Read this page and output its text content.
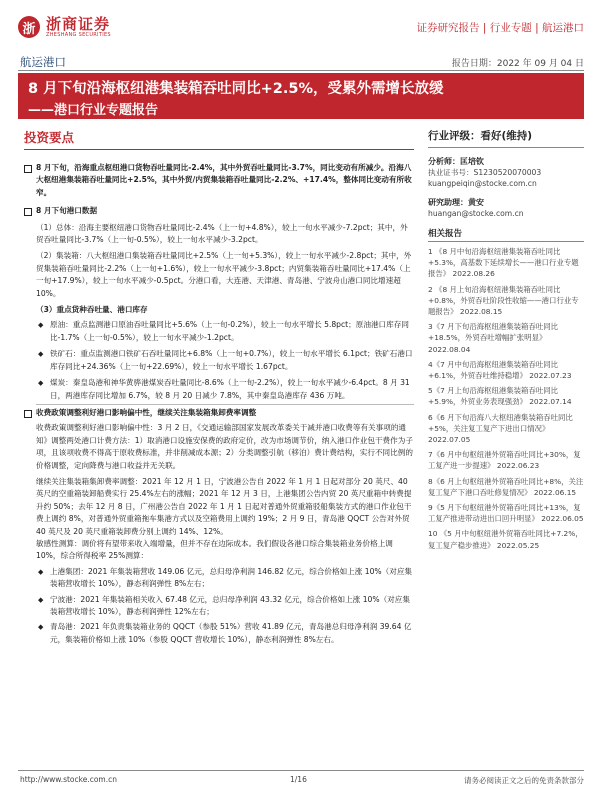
浙 浙商证券
ZHESHANG SECURITIES
证券研究报告 | 行业专题 | 航运港口
航运港口	报告日期：2022 年 09 月 04 日
8 月下旬沿海枢纽港集装箱吞吐同比+2.5%，受累外需增长放缓
——港口行业专题报告
投资要点
8 月下旬，沿海重点枢纽港口货物吞吐量同比-2.4%，其中外贸吞吐量同比-3.7%，同比变动有所减少。沿海八大枢纽港集装箱吞吐量同比+2.5%，其中外贸/内贸集装箱吞吐量同比-2.2%、+17.4%，整体同比变动有所收窄。
8 月下旬港口数据
（1）总体：沿海主要枢纽港口货物吞吐量同比-2.4%（上一旬+4.8%），较上一旬水平减少-7.2pct；其中，外贸吞吐量同比-3.7%（上一旬-0.5%），较上一旬水平减少-3.2pct。
（2）集装箱：八大枢纽港口集装箱吞吐量同比+2.5%（上一旬+5.3%），较上一旬水平减少-2.8pct；其中，外贸集装箱吞吐量同比-2.2%（上一旬+1.6%），较上一旬水平减少-3.8pct；内贸集装箱吞吐量同比+17.4%（上一旬+17.9%），较上一旬水平减少-0.5pct。分港口看，大连港、天津港、青岛港、宁波舟山港口同比增速超 10%。
（3）重点货种吞吐量、港口库存
◆ 原油：重点监测港口原油吞吐量同比+5.6%（上一旬-0.2%），较上一旬水平增长 5.8pct；原油港口库存同比-1.7%（上一旬-0.5%），较上一旬水平减少-1.2pct。
◆ 铁矿石：重点监测港口铁矿石吞吐量同比+6.8%（上一旬+0.7%），较上一旬水平增长 6.1pct；铁矿石港口库存同比+24.36%（上一旬+22.69%），较上一旬水平增长 1.67pct。
◆ 煤炭：秦皇岛港和神华黄骅港煤炭吞吐量同比-8.6%（上一旬-2.2%），较上一旬水平减少-6.4pct。8 月 31 日，两港库存同比增加 6.7%，较 8 月 20 日减少 7.8%，其中秦皇岛港库存 436 万吨。
收费政策调整利好港口影响偏中性，继续关注集装箱集卸费率调整
收费政策调整利好港口影响偏中性：3 月 2 日，《交通运输部国家发展改革委关于减并港口收费等有关事项的通知》调整两处港口计费方法：1）取消港口设施安保费的政府定价，改为市场调节价，纳入港口作业包干费作为子项，且该项收费不得高于原收费标准，并非削减成本源；2）分类调整引航（移泊）费计费结构，实行不同比例的价格调整，定向降费与港口收益并无关联。
继续关注集装箱集卸费率调整：2021 年 12 月 1 日，宁波港公告自 2022 年 1 月 1 日起对部分 20 英尺、40 英尺的空重箱装卸船费实行 25.4%左右的涨幅；2021 年 12 月 3 日，上港集团公告内贸 20 英尺重箱中转费提升约 50%；去年 12 月 8 日，广州港公告自 2022 年 1 月 1 日起对普通外贸重箱驳船集装方式的港口作业包干费上调约 8%，对普通外贸重箱拖车集港方式以及空箱费用上调约 19%；2 月 9 日，青岛港 QQCT 公告对外贸 40 英尺及 20 英尺重箱装卸费分别上调约 14%、12%。
敏感性测算：调价将有望带来收入端增量，但并不存在边际成本。我们假设各港口综合集装箱业务价格上调 10%，综合所得税率 25%测算：
◆ 上港集团：2021 年集装箱营收 149.06 亿元，总归母净利润 146.82 亿元，综合价格如上涨 10%（对应集装箱营收增长 10%），静态利润弹性 8%左右；
◆ 宁波港：2021 年集装箱相关收入 67.48 亿元，总归母净利润 43.32 亿元，综合价格如上涨 10%（对应集装箱营收增长 10%），静态利润弹性 12%左右；
◆ 青岛港：2021 年负责集装箱业务的 QQCT（参股 51%）营收 41.89 亿元，青岛港总归母净利润 39.64 亿元，集装箱价格如上涨 10%（参股 QQCT 营收增长 10%），静态利润弹性 8%左右。
行业评级：看好(维持)
分析师：匡培钦
执业证书号：S1230520070003
kuangpeiqin@stocke.com.cn
研究助理：黄安
huangan@stocke.com.cn
相关报告
1 《8 月中旬沿海枢纽港集装箱吞吐同比+5.3%，高基数下延续增长——港口行业专题报告》 2022.08.26
2 《8 月上旬沿海枢纽港集装箱吞吐同比+0.8%，外贸吞吐阶段性收缩——港口行业专题报告》 2022.08.15
3《7 月下旬沿海枢纽港集装箱吞吐同比+18.5%，外贸吞吐增幅扩张明显》 2022.08.04
4《7 月中旬沿海枢纽港集装箱吞吐同比+6.1%，外贸吞吐维持稳增》 2022.07.23
5《7 月上旬沿海枢纽港集装箱吞吐同比+5.9%，外贸业务表现强劲》 2022.07.14
6《6 月下旬沿海八大枢纽港集装箱吞吐同比+5%，关注复工复产下进出口情况》 2022.07.05
7《6 月中旬枢纽港外贸箱吞吐同比+30%，复工复产进一步提速》 2022.06.23
8《6 月上旬枢纽港外贸箱吞吐同比+8%，关注复工复产下港口吞吐修复情况》 2022.06.15
9《5 月下旬枢纽港外贸箱吞吐同比+13%，复工复产推进带动进出口回升明显》 2022.06.05
10 《5 月中旬枢纽港外贸箱吞吐同比+7.2%，复工复产稳步推进》 2022.05.25
http://www.stocke.com.cn	1/16	请务必阅读正文之后的免责条款部分
